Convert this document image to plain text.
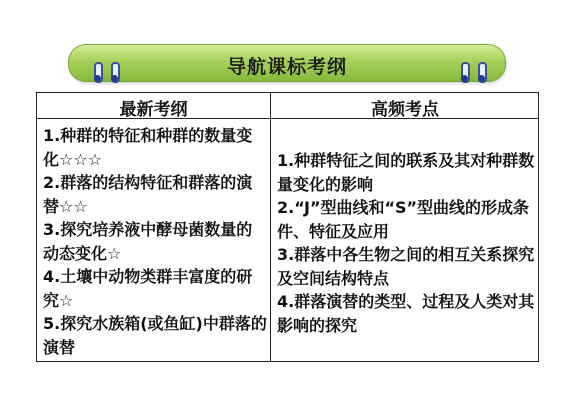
导航课标考纲
最新考纲	高频考点

1.种群的特征和种群的数量变化☆☆☆

2.群落的结构特征和群落的演替☆☆

3.探究培养液中酵母菌数量的动态变化☆

4.土壤中动物类群丰富度的研究☆

5.探究水族箱(或鱼缸)中群落的演替

1.种群特征之间的联系及其对种群数量变化的影响

2.“J”型曲线和“S”型曲线的形成条件、特征及应用

3.群落中各生物之间的相互关系探究及空间结构特点

4.群落演替的类型、过程及人类对其影响的探究
